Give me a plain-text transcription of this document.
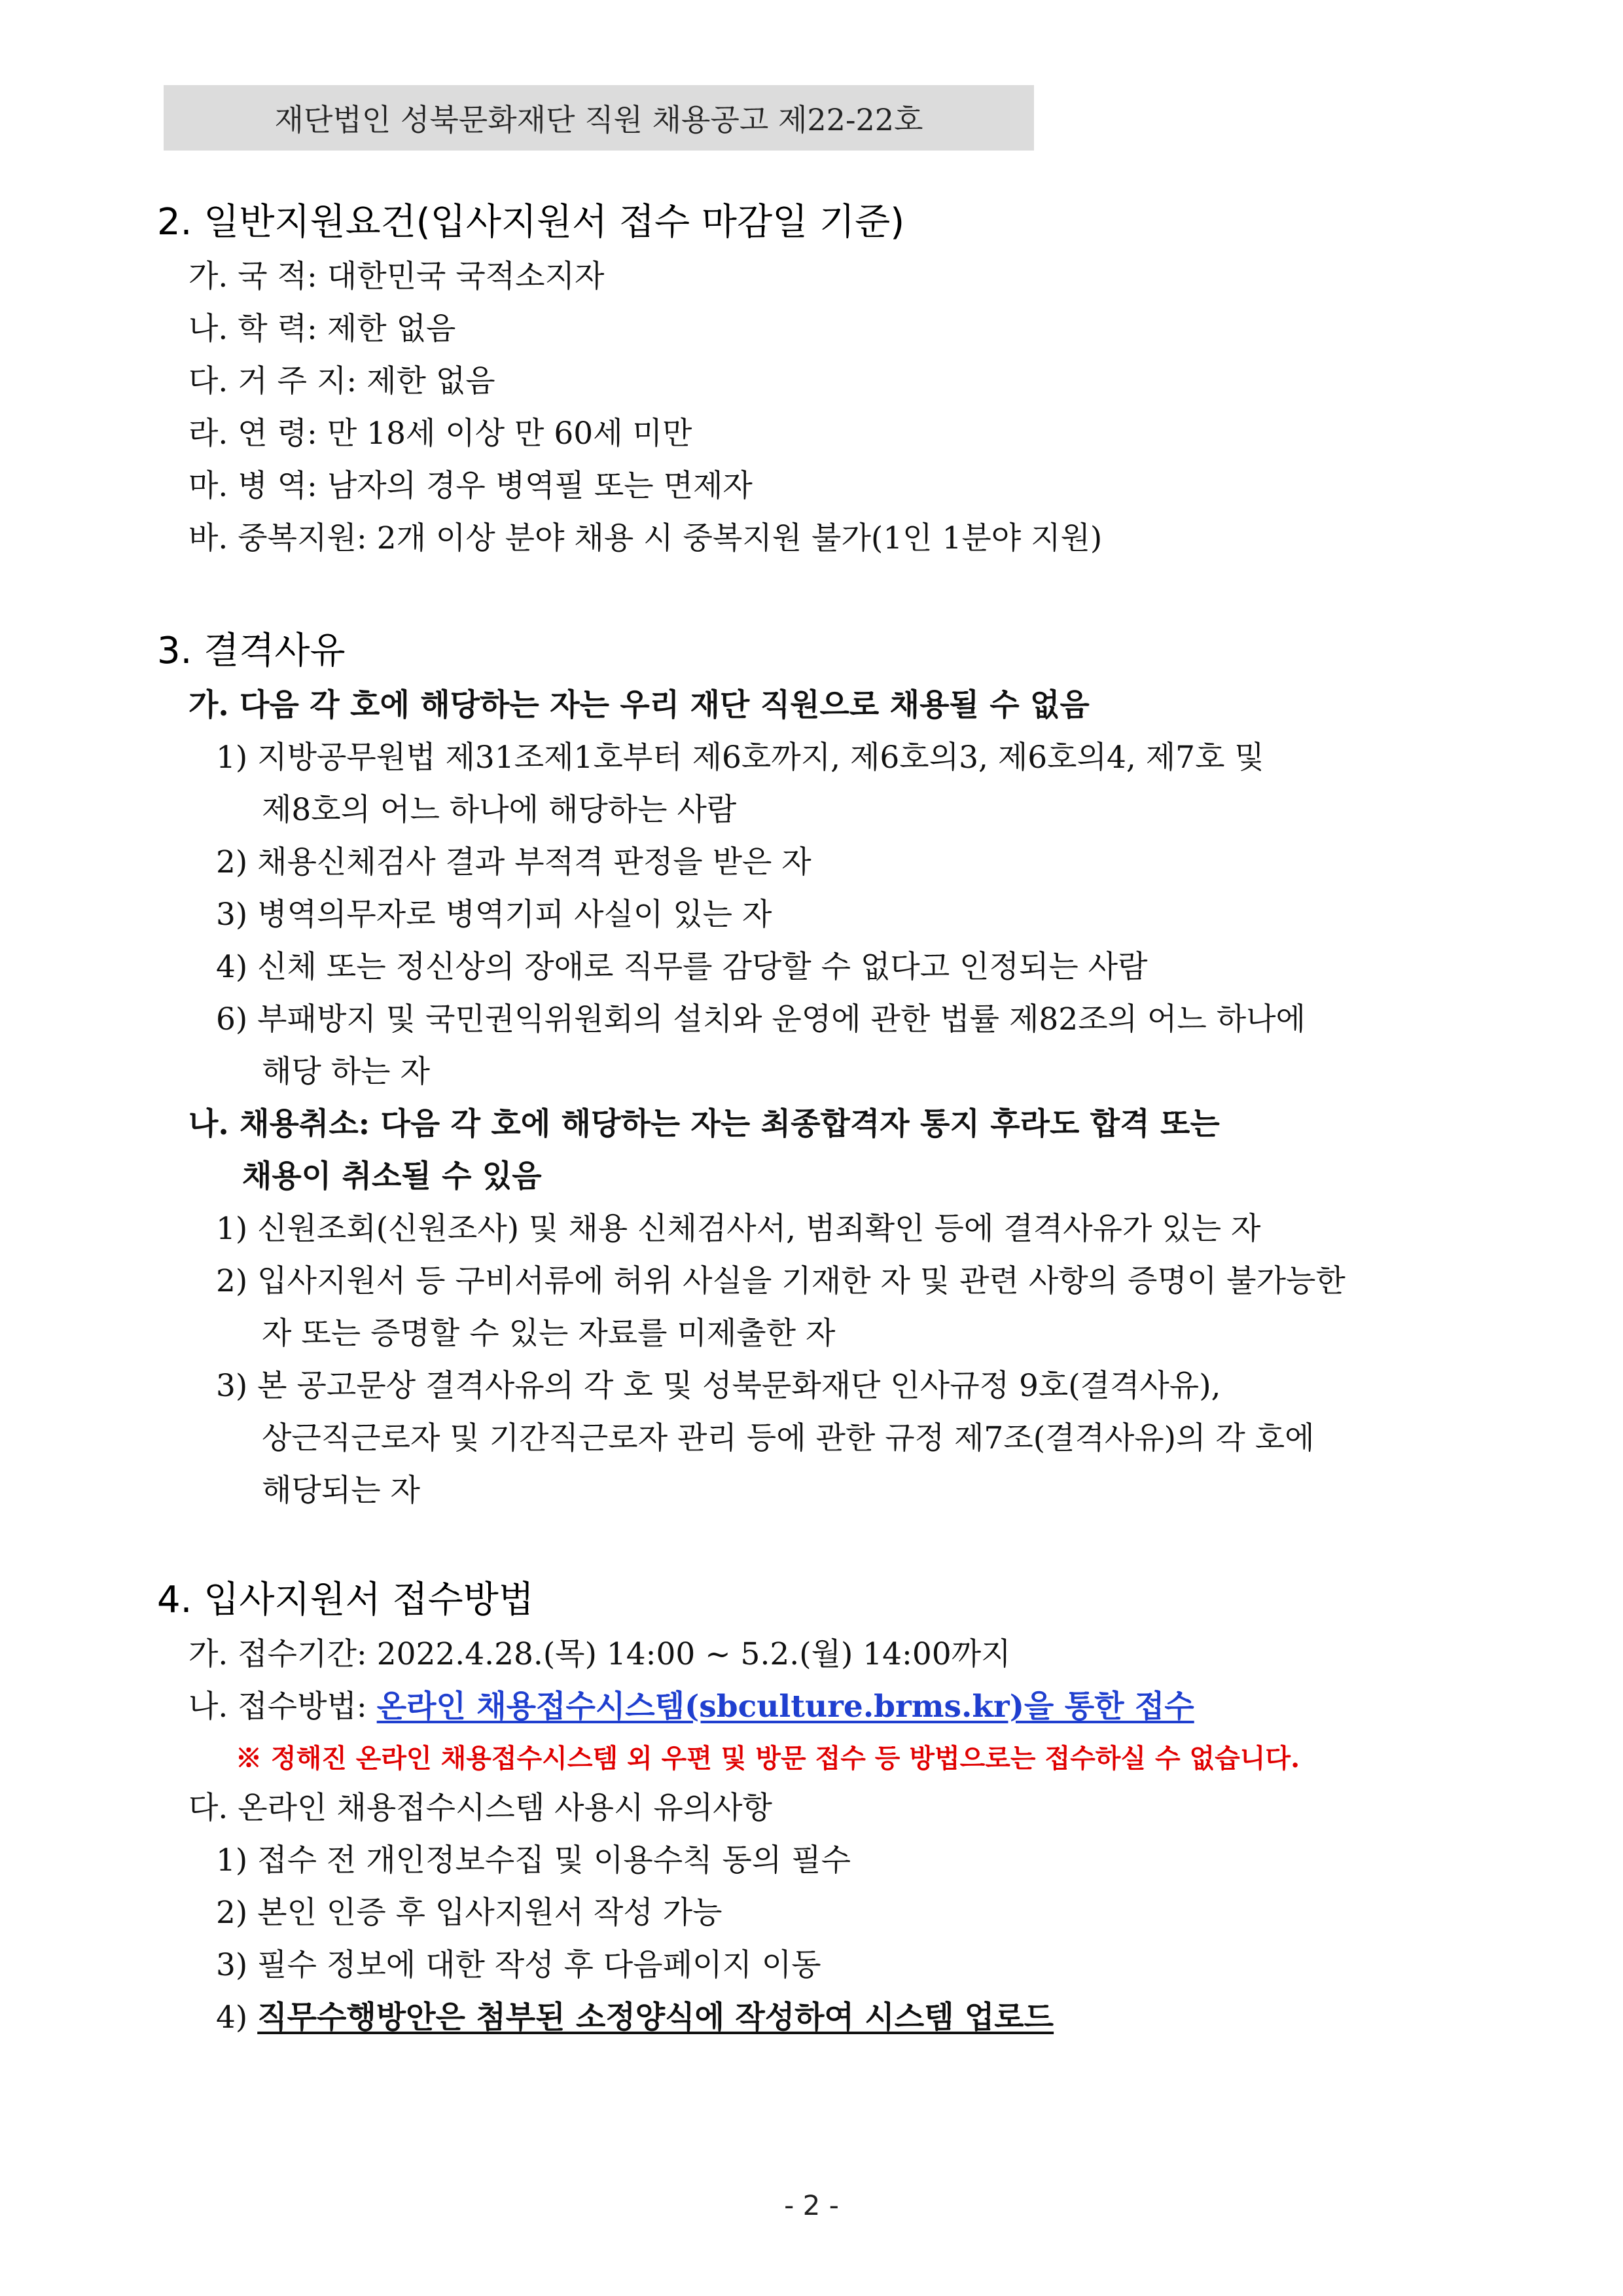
재단법인 성북문화재단 직원 채용공고 제22-22호
2. 일반지원요건(입사지원서 접수 마감일 기준)
가. 국 적: 대한민국 국적소지자
나. 학 력: 제한 없음
다. 거 주 지: 제한 없음
라. 연 령: 만 18세 이상 만 60세 미만
마. 병 역: 남자의 경우 병역필 또는 면제자
바. 중복지원: 2개 이상 분야 채용 시 중복지원 불가(1인 1분야 지원)
3. 결격사유
가. 다음 각 호에 해당하는 자는 우리 재단 직원으로 채용될 수 없음
1) 지방공무원법 제31조제1호부터 제6호까지, 제6호의3, 제6호의4, 제7호 및
제8호의 어느 하나에 해당하는 사람
2) 채용신체검사 결과 부적격 판정을 받은 자
3) 병역의무자로 병역기피 사실이 있는 자
4) 신체 또는 정신상의 장애로 직무를 감당할 수 없다고 인정되는 사람
6) 부패방지 및 국민권익위원회의 설치와 운영에 관한 법률 제82조의 어느 하나에
해당 하는 자
나. 채용취소: 다음 각 호에 해당하는 자는 최종합격자 통지 후라도 합격 또는
채용이 취소될 수 있음
1) 신원조회(신원조사) 및 채용 신체검사서, 범죄확인 등에 결격사유가 있는 자
2) 입사지원서 등 구비서류에 허위 사실을 기재한 자 및 관련 사항의 증명이 불가능한
자 또는 증명할 수 있는 자료를 미제출한 자
3) 본 공고문상 결격사유의 각 호 및 성북문화재단 인사규정 9호(결격사유),
상근직근로자 및 기간직근로자 관리 등에 관한 규정 제7조(결격사유)의 각 호에
해당되는 자
4. 입사지원서 접수방법
가. 접수기간: 2022.4.28.(목) 14:00 ~ 5.2.(월) 14:00까지
나. 접수방법: 온라인 채용접수시스템(sbculture.brms.kr)을 통한 접수
※ 정해진 온라인 채용접수시스템 외 우편 및 방문 접수 등 방법으로는 접수하실 수 없습니다.
다. 온라인 채용접수시스템 사용시 유의사항
1) 접수 전 개인정보수집 및 이용수칙 동의 필수
2) 본인 인증 후 입사지원서 작성 가능
3) 필수 정보에 대한 작성 후 다음페이지 이동
4) 직무수행방안은 첨부된 소정양식에 작성하여 시스템 업로드
- 2 -
